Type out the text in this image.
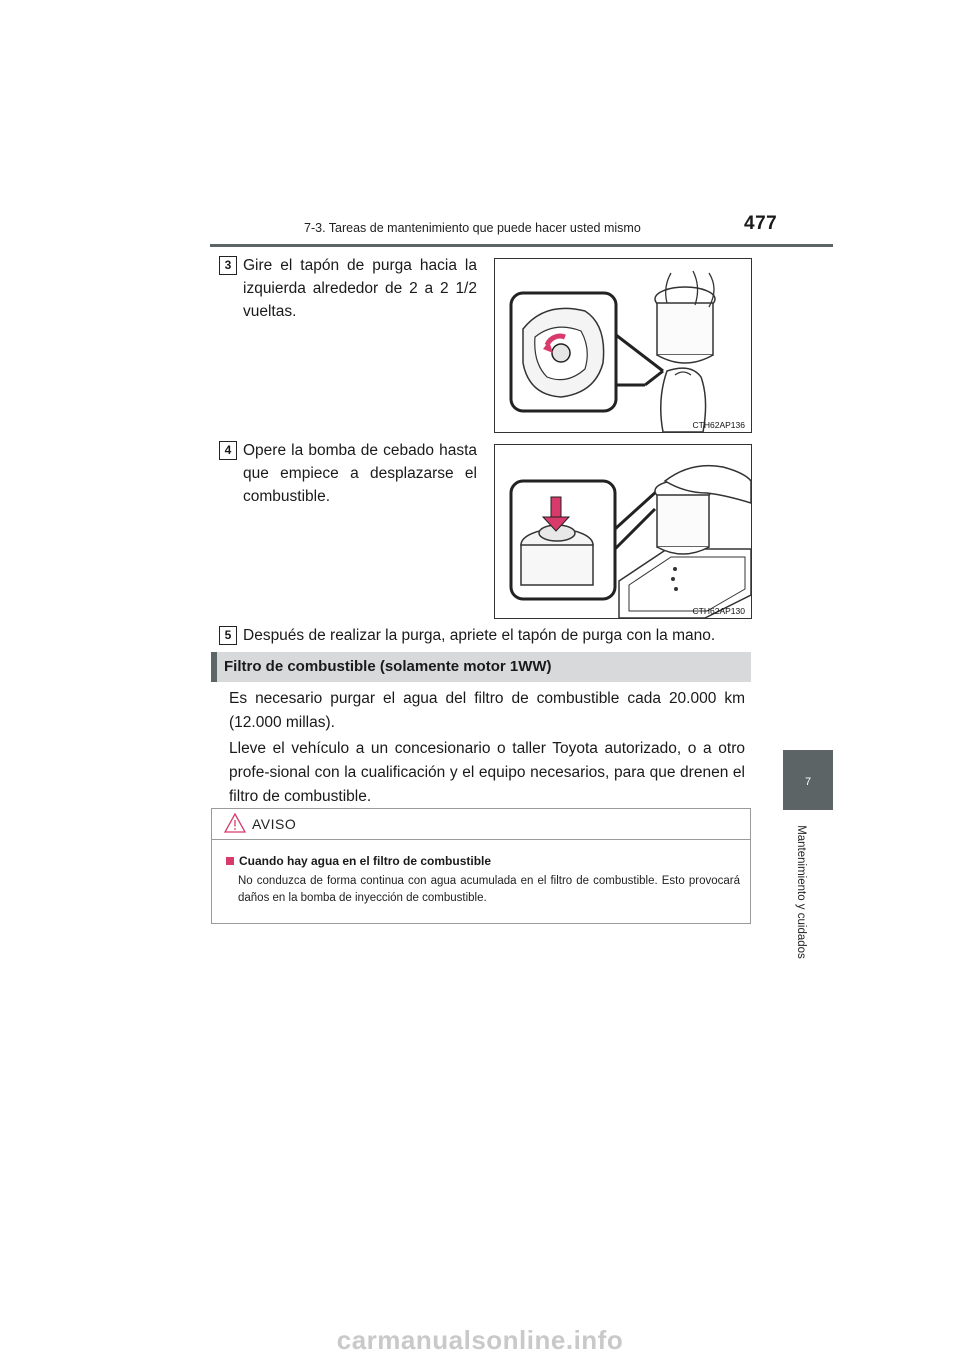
7-3. Tareas de mantenimiento que puede hacer usted mismo	477
7
Mantenimiento y cuidados
3 Gire el tapón de purga hacia la izquierda alrededor de 2 a 2 1/2 vueltas.
CTH62AP136
4 Opere la bomba de cebado hasta que empiece a desplazarse el combustible.
CTH62AP130
5 Después de realizar la purga, apriete el tapón de purga con la mano.
Filtro de combustible (solamente motor 1WW)
Es necesario purgar el agua del filtro de combustible cada 20.000 km (12.000 millas).
Lleve el vehículo a un concesionario o taller Toyota autorizado, o a otro profe-sional con la cualificación y el equipo necesarios, para que drenen el filtro de combustible.
AVISO
Cuando hay agua en el filtro de combustible
No conduzca de forma continua con agua acumulada en el filtro de combustible. Esto provocará daños en la bomba de inyección de combustible.
carmanualsonline.info
